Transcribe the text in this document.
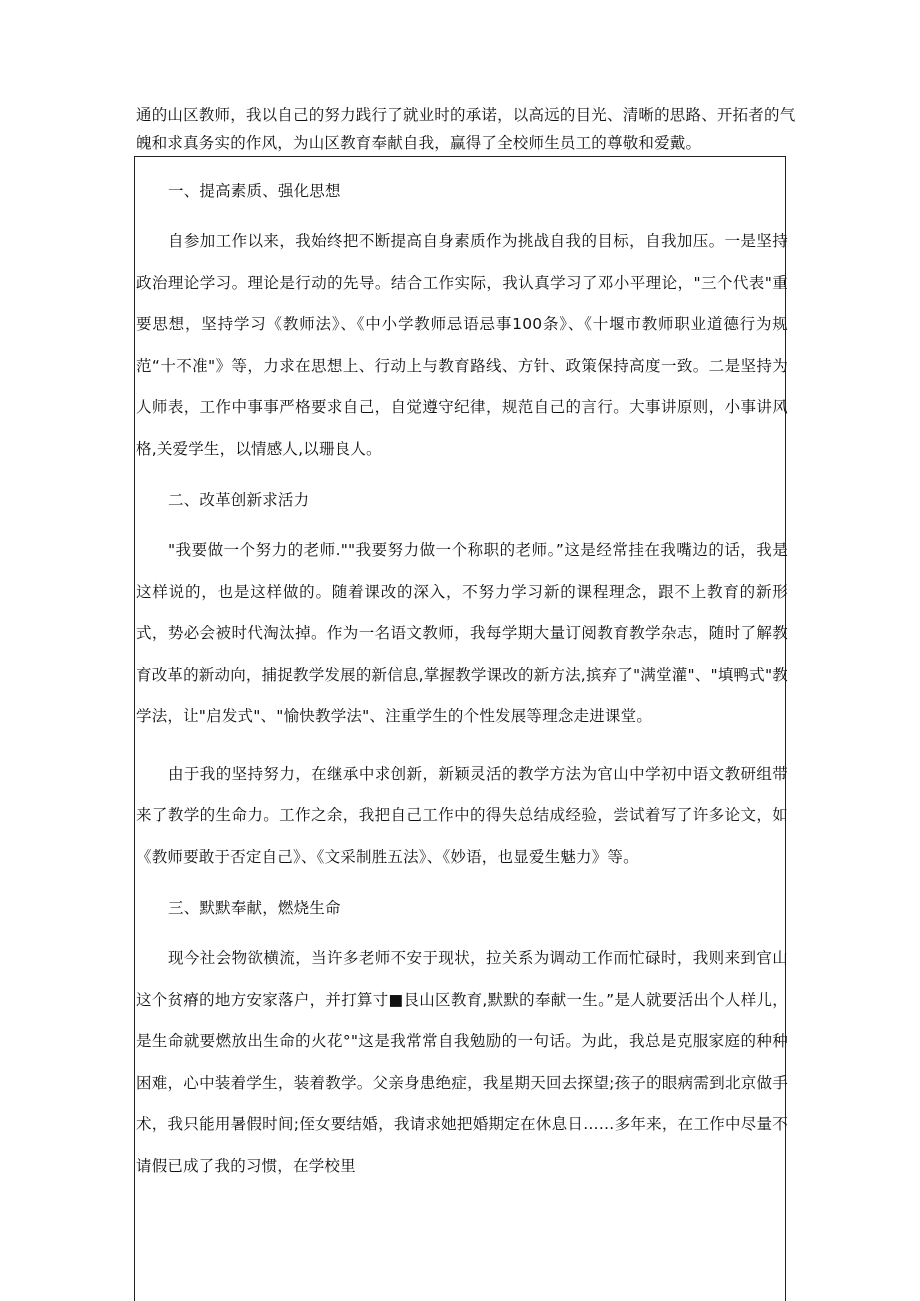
通的山区教师，我以自己的努力践行了就业时的承诺，以高远的目光、清晰的思路、开拓者的气魄和求真务实的作风，为山区教育奉献自我，赢得了全校师生员工的尊敬和爱戴。

一、提高素质、强化思想

自参加工作以来，我始终把不断提高自身素质作为挑战自我的目标，自我加压。一是坚持政治理论学习。理论是行动的先导。结合工作实际，我认真学习了邓小平理论，"三个代表"重要思想，坚持学习《教师法》、《中小学教师忌语忌事100条》、《十堰市教师职业道德行为规范“十不准"》等，力求在思想上、行动上与教育路线、方针、政策保持高度一致。二是坚持为人师表，工作中事事严格要求自己，自觉遵守纪律，规范自己的言行。大事讲原则，小事讲风格,关爱学生，以情感人,以珊良人。

二、改革创新求活力

"我要做一个努力的老师.""我要努力做一个称职的老师。”这是经常挂在我嘴边的话，我是这样说的，也是这样做的。随着课改的深入，不努力学习新的课程理念，跟不上教育的新形式，势必会被时代淘汰掉。作为一名语文教师，我每学期大量订阅教育教学杂志，随时了解教育改革的新动向，捕捉教学发展的新信息,掌握教学课改的新方法,摈弃了"满堂灌"、"填鸭式"教学法，让"启发式"、"愉快教学法"、注重学生的个性发展等理念走进课堂。

由于我的坚持努力，在继承中求创新，新颖灵活的教学方法为官山中学初中语文教研组带来了教学的生命力。工作之余，我把自己工作中的得失总结成经验，尝试着写了许多论文，如《教师要敢于否定自己》、《文采制胜五法》、《妙语，也显爱生魅力》等。

三、默默奉献，燃烧生命

现今社会物欲横流，当许多老师不安于现状，拉关系为调动工作而忙碌时，我则来到官山这个贫瘠的地方安家落户，并打算寸■艮山区教育,默默的奉献一生。”是人就要活出个人样儿，是生命就要燃放出生命的火花°"这是我常常自我勉励的一句话。为此，我总是克服家庭的种种困难，心中装着学生，装着教学。父亲身患绝症，我星期天回去探望;孩子的眼病需到北京做手术，我只能用暑假时间;侄女要结婚，我请求她把婚期定在休息日……多年来，在工作中尽量不请假已成了我的习惯，在学校里
